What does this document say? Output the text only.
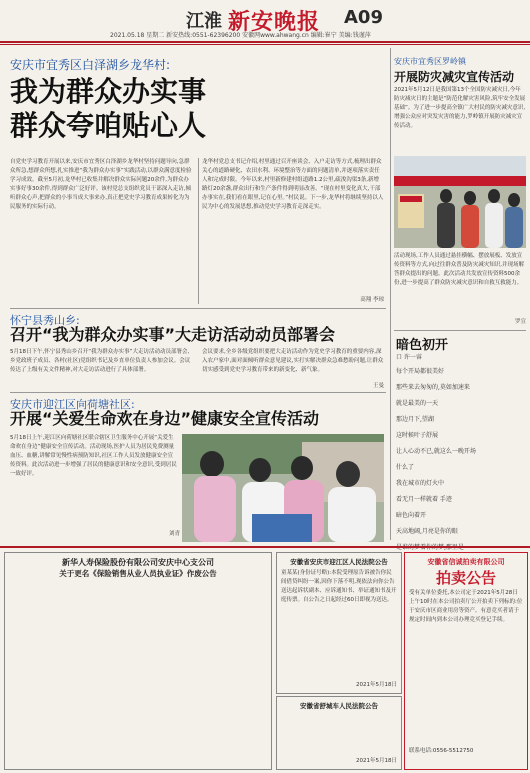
江淮 新安晚报	A09
2021.05.18 星期二 新安热线:0551-62396200 安徽网www.ahwang.cn 编辑:崔宁 美编:钱谨萍
安庆市宜秀区白泽湖乡龙华村:
我为群众办实事
群众夸咱贴心人
自党史学习教育开展以来,安庆市宜秀区白泽湖乡龙华村坚持问题导向,急群众所急,想群众所想,扎实推进“我为群众办实事”实践活动,以群众满意度检验学习成效。截至5月初,龙华村已收集并解决群众实际问题20余件,为群众办实事好事30余件,得到群众广泛好评。该村党总支组织党员干部深入走访,倾听群众心声,把群众的小事当成大事来办,真正把党史学习教育成果转化为为民服务的实际行动。
龙华村党总支书记介绍,村里通过召开座谈会、入户走访等方式,梳理出群众关心的道路硬化、农田水利、环境整治等方面的问题清单,并逐项落实责任人和完成时限。今年以来,村里新修建村组道路1.2公里,疏浚沟渠3条,新增路灯20余盏,群众出行和生产条件得到明显改善。“现在村里变化真大,干部办事实在,我们看在眼里,记在心里。”村民说。下一步,龙华村将继续坚持以人民为中心的发展思想,推动党史学习教育走深走实。
高翔 李琼
怀宁县秀山乡:
召开“我为群众办实事”大走访活动动员部署会
5月18日下午,怀宁县秀山乡召开“我为群众办实事”大走访活动动员部署会,乡党政班子成员、各村(社区)党组织书记及乡直单位负责人参加会议。会议传达了上级有关文件精神,对大走访活动进行了具体部署。
会议要求,全乡各级党组织要把大走访活动作为党史学习教育的重要内容,深入农户家中,面对面倾听群众意见建议,实打实解决群众急难愁盼问题,让群众切实感受到党史学习教育带来的新变化、新气象。
王曼
安庆市迎江区向荷塘社区:
开展“关爱生命欢在身边”健康安全宣传活动
5月18日上午,迎江区向荷塘社区联合辖区卫生服务中心开展“关爱生命欢在身边”健康安全宣传活动。活动现场,医护人员为居民免费测量血压、血糖,讲解常见慢性病预防知识,社区工作人员发放健康安全宣传资料。此次活动进一步增强了居民的健康意识和安全意识,受到居民一致好评。
刘青
安庆市宜秀区罗岭镇
开展防灾减灾宣传活动
2021年5月12日是我国第13个全国防灾减灾日,今年防灾减灾日的主题是“防范化解灾害风险,筑牢安全发展基础”。为了进一步提高全镇广大村民的防灾减灾意识,增强公众应对突发灾害的能力,罗岭镇开展防灾减灾宣传活动。
活动现场,工作人员通过悬挂横幅、摆放展板、发放宣传资料等方式,向过往群众普及防灾减灾知识,并现场解答群众提出的问题。此次活动共发放宣传资料500余份,进一步提高了群众防灾减灾意识和自救互救能力。
罗宣
暗色初开
口 许一睿
每个开局都很美好
那些来去匆匆的,莫如加速来
就是最美的一天
那边月下,望湖
这时候叶子舒展
让人心动不已,就这么一晚开场
什么了
我在城市的灯火中
看无月一样就着 手迹
暗色向着开
天高地阔,月亮是你的眼
新华人寿保险股份有限公司安庆中心支公司
关于更名《保险销售从业人员执业证》作废公告
安徽省安庆市迎江区人民法院公告
童某某(身份证号略):本院受理原告诉被告你民间借贷纠纷一案,因你下落不明,现依法向你公告送达起诉状副本、应诉通知书、举证通知书及开庭传票。自公告之日起经过60日即视为送达。
2021年5月18日
安徽省舒城车人民法院公告
2021年5月18日
安徽省信诚拍卖有限公司
拍卖公告
受有关单位委托,本公司定于2021年5月28日上午10时在本公司拍卖厅公开拍卖下列标的:位于安庆市区商业用房等资产。有意竞买者请于规定时间内到本公司办理竞买登记手续。
联系电话:0556-5512750
